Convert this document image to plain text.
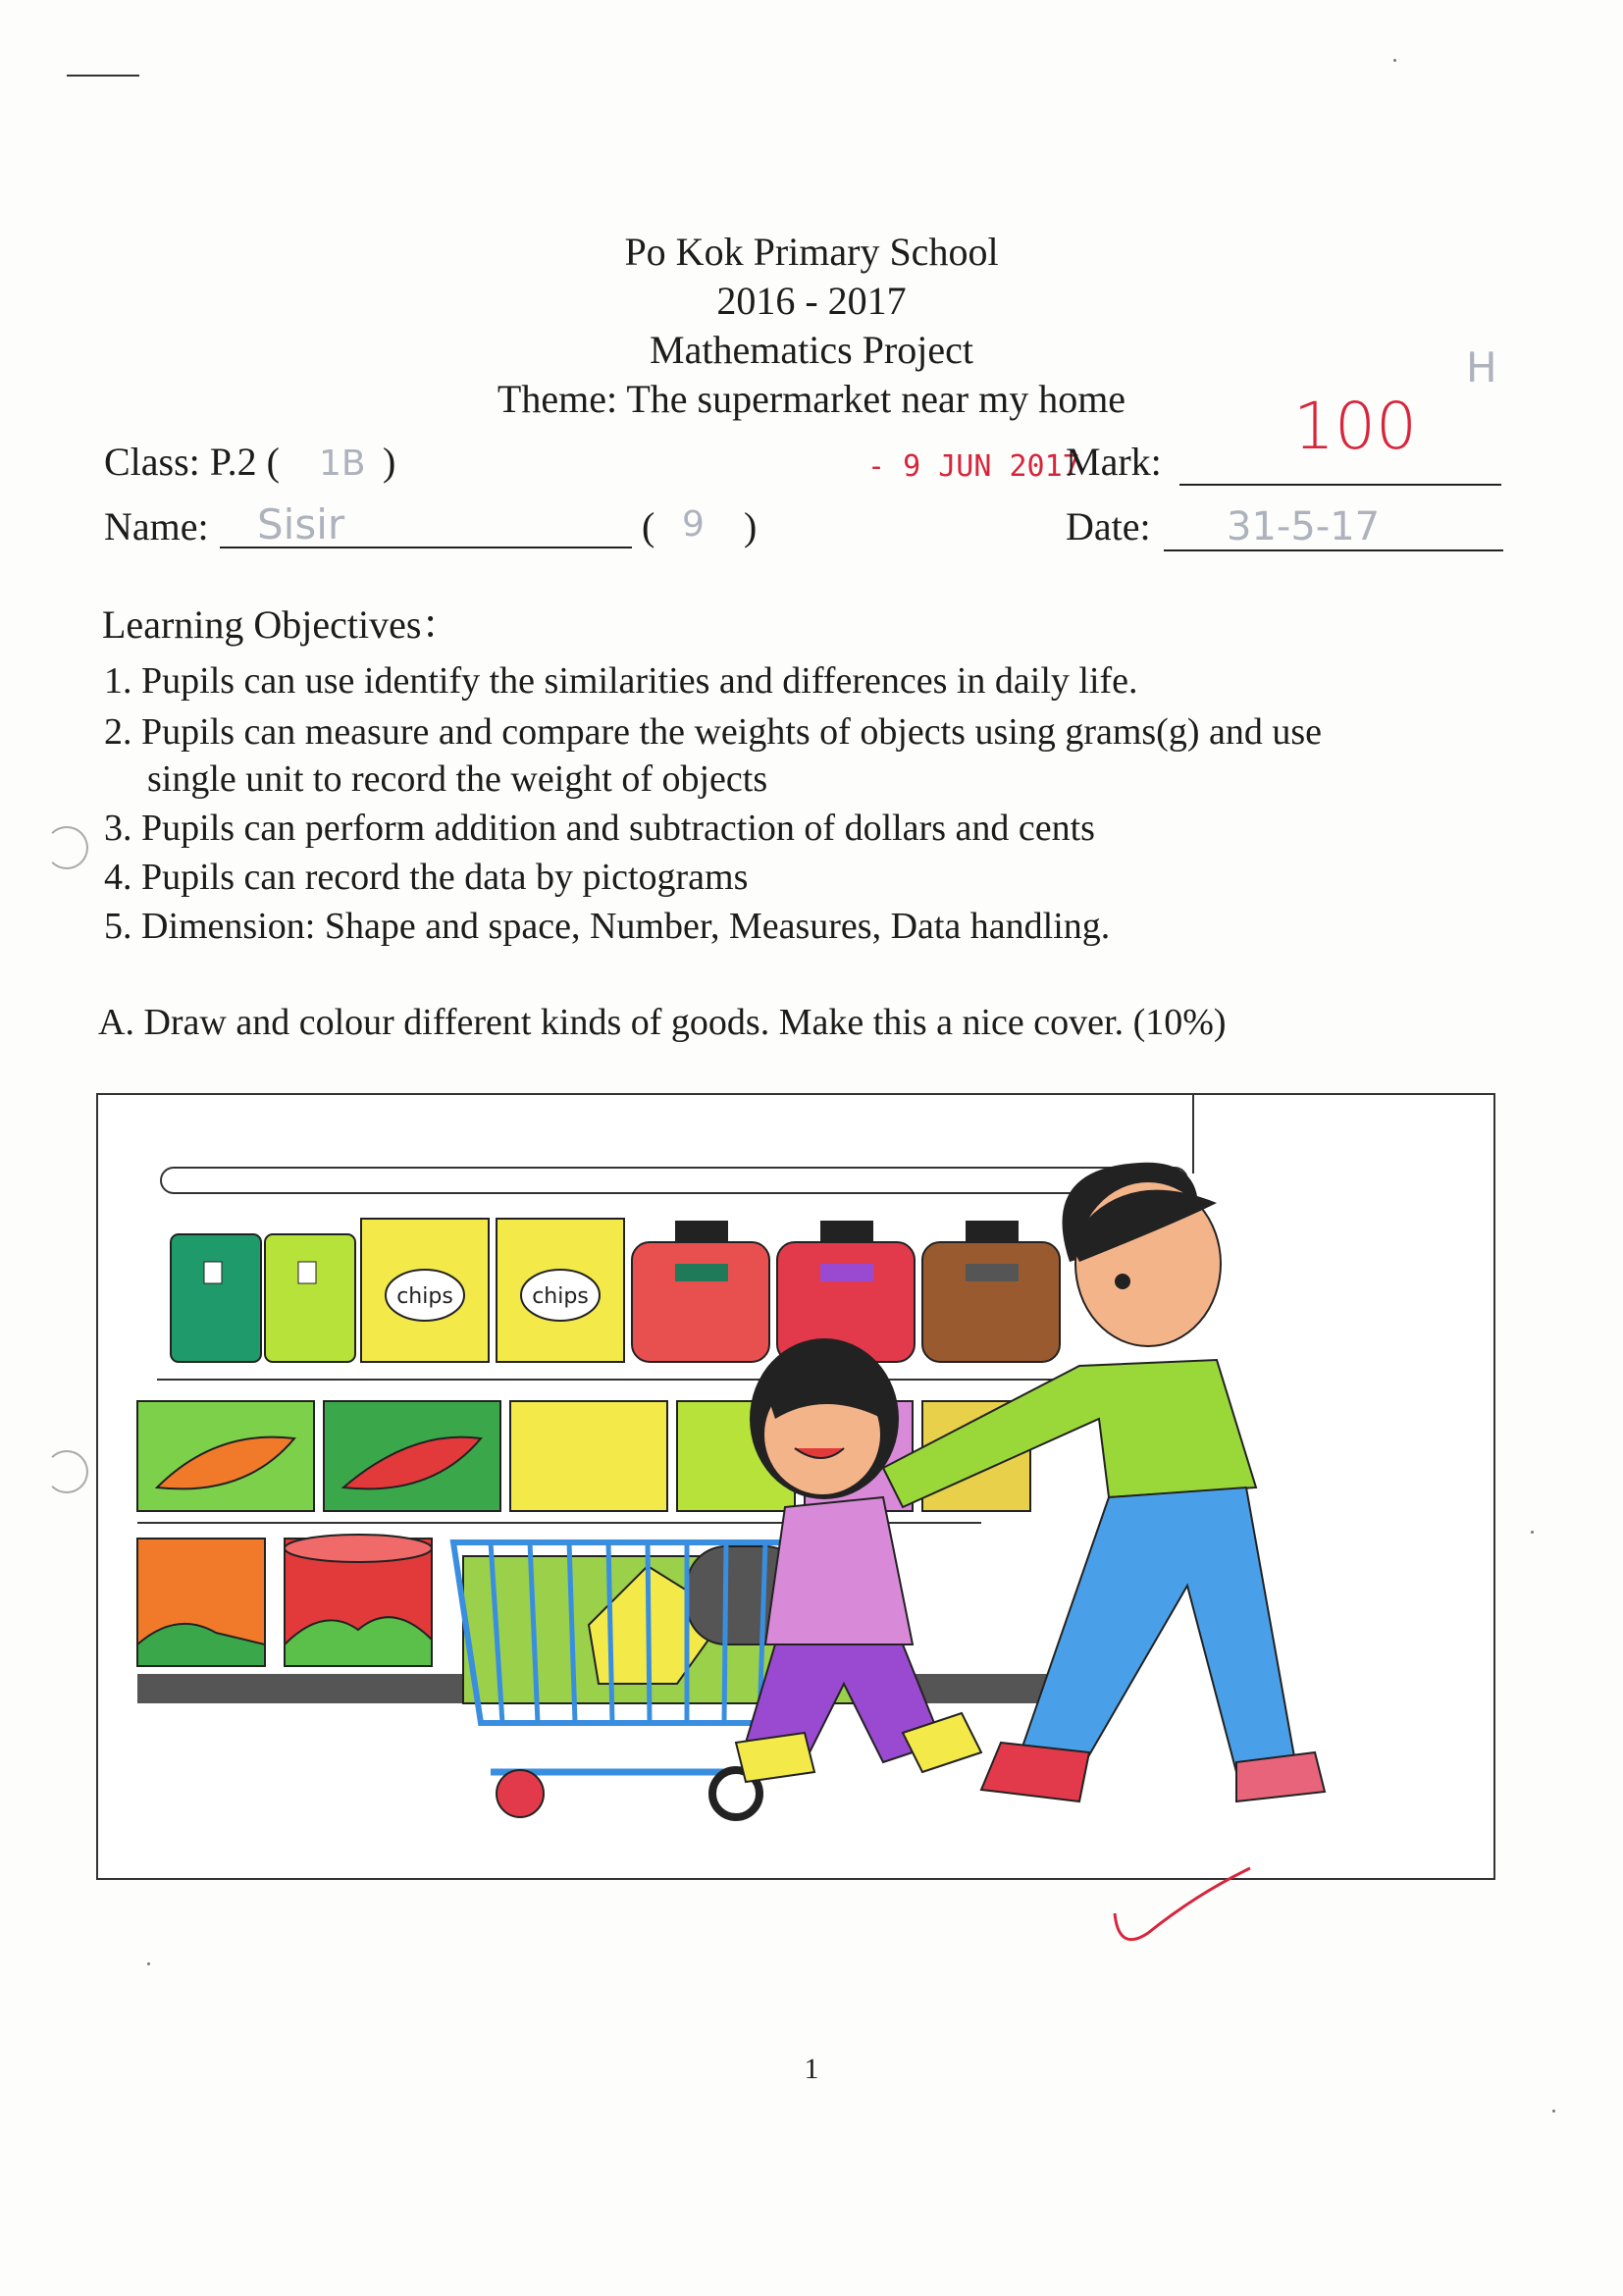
Po Kok Primary School
2016 - 2017
Mathematics Project
Theme: The supermarket near my home
H
100
Class: P.2 ( 1B )	- 9 JUN 2017
Mark:
Name: Sisir	( 9 )	Date: 31-5-17
Learning Objectives：
1. Pupils can use identify the similarities and differences in daily life.
2. Pupils can measure and compare the weights of objects using grams(g) and use
single unit to record the weight of objects
3. Pupils can perform addition and subtraction of dollars and cents
4. Pupils can record the data by pictograms
5. Dimension: Shape and space, Number, Measures, Data handling.
A. Draw and colour different kinds of goods. Make this a nice cover. (10%)
chips	chips
1
